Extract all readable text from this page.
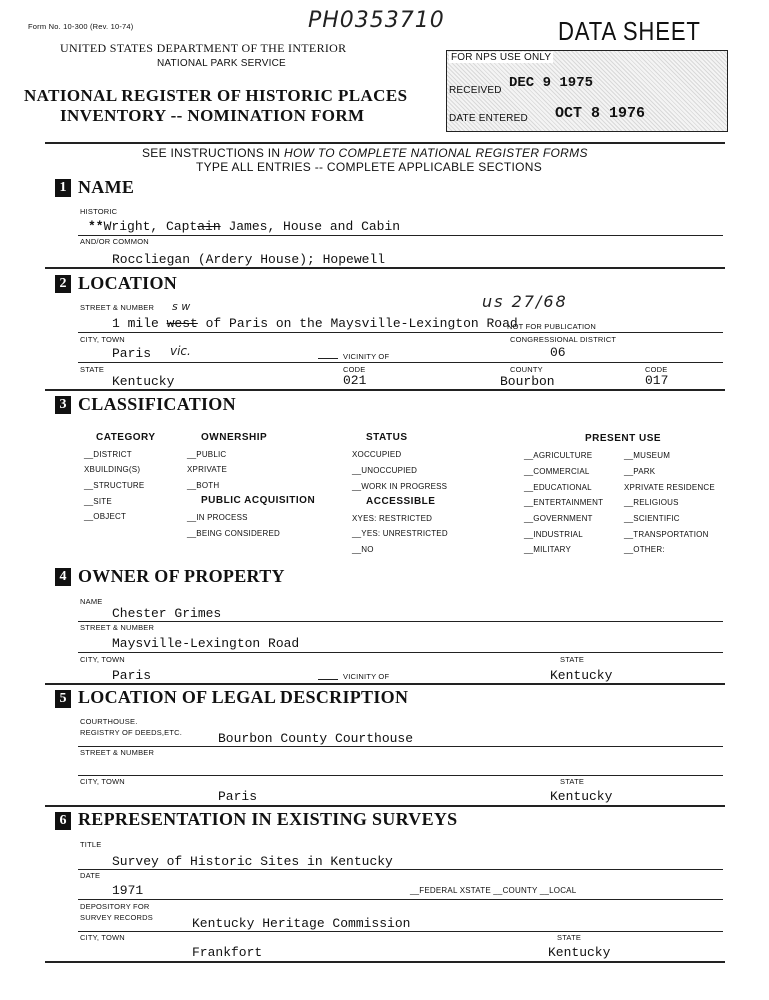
Form No. 10-300 (Rev. 10-74)	PH0353710	DATA SHEET
UNITED STATES DEPARTMENT OF THE INTERIOR
NATIONAL PARK SERVICE
NATIONAL REGISTER OF HISTORIC PLACES
INVENTORY -- NOMINATION FORM
FOR NPS USE ONLY
RECEIVED DEC 9 1975
DATE ENTERED OCT 8 1976
SEE INSTRUCTIONS IN HOW TO COMPLETE NATIONAL REGISTER FORMS
TYPE ALL ENTRIES -- COMPLETE APPLICABLE SECTIONS
1 NAME
HISTORIC
**Wright, Captain James, House and Cabin
AND/OR COMMON
Roccliegan (Ardery House); Hopewell
2 LOCATION
STREET & NUMBER s w	us 27/68
1 mile west of Paris on the Maysville-Lexington Road
NOT FOR PUBLICATION
CITY, TOWN	CONGRESSIONAL DISTRICT
Paris vic.	VICINITY OF	06
STATE	CODE	COUNTY	CODE
Kentucky	021	Bourbon	017
3 CLASSIFICATION
CATEGORY
__DISTRICT
XBUILDING(S)
__STRUCTURE
__SITE
__OBJECT
OWNERSHIP
__PUBLIC
XPRIVATE
__BOTH
PUBLIC ACQUISITION
__IN PROCESS
__BEING CONSIDERED
STATUS
XOCCUPIED
__UNOCCUPIED
__WORK IN PROGRESS
ACCESSIBLE
XYES: RESTRICTED
__YES: UNRESTRICTED
__NO
PRESENT USE
__AGRICULTURE
__COMMERCIAL
__EDUCATIONAL
__ENTERTAINMENT
__GOVERNMENT
__INDUSTRIAL
__MILITARY
__MUSEUM
__PARK
XPRIVATE RESIDENCE
__RELIGIOUS
__SCIENTIFIC
__TRANSPORTATION
__OTHER:
4 OWNER OF PROPERTY
NAME
Chester Grimes
STREET & NUMBER
Maysville-Lexington Road
CITY, TOWN	STATE
Paris	VICINITY OF	Kentucky
5 LOCATION OF LEGAL DESCRIPTION
COURTHOUSE.
REGISTRY OF DEEDS,ETC.	Bourbon County Courthouse
STREET & NUMBER
CITY, TOWN	STATE
Paris	Kentucky
6 REPRESENTATION IN EXISTING SURVEYS
TITLE
Survey of Historic Sites in Kentucky
DATE
1971	__FEDERAL XSTATE __COUNTY __LOCAL
DEPOSITORY FOR
SURVEY RECORDS	Kentucky Heritage Commission
CITY, TOWN	STATE
Frankfort	Kentucky
